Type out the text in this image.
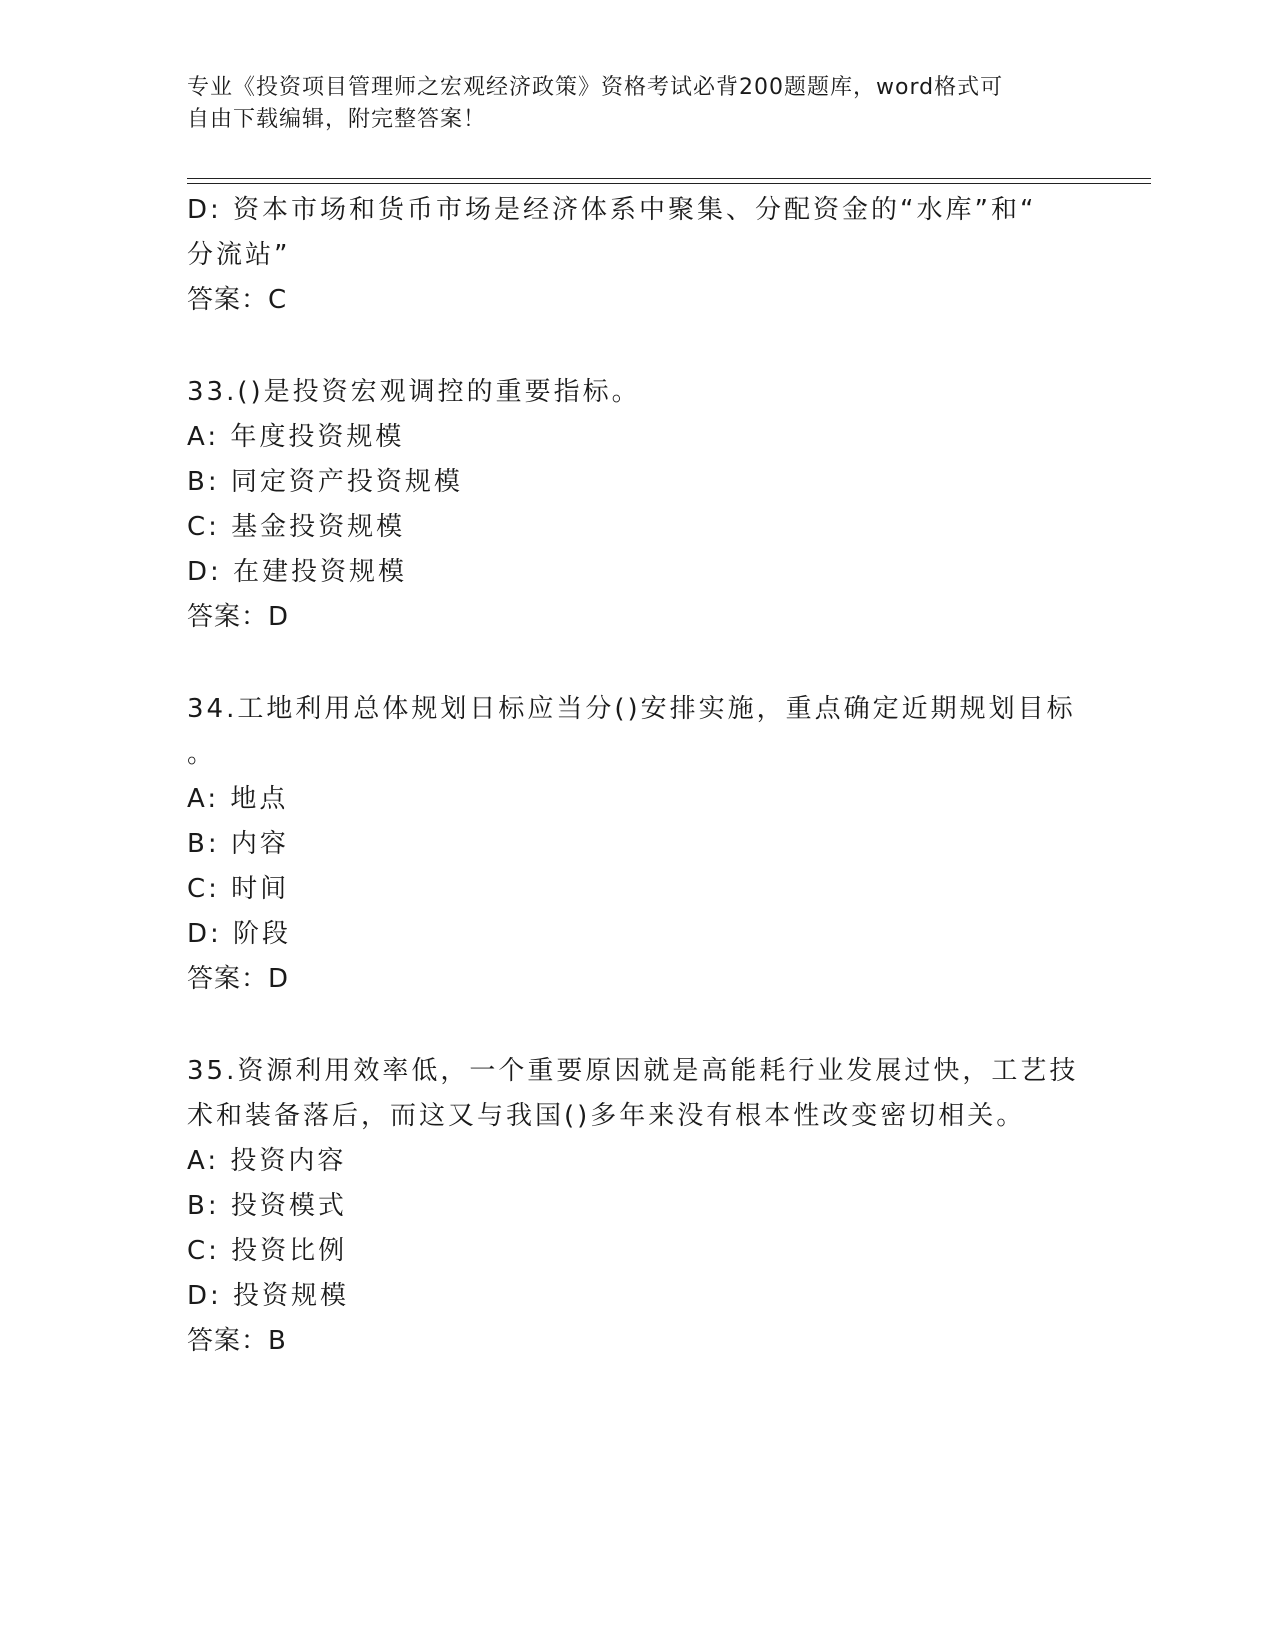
专业《投资项目管理师之宏观经济政策》资格考试必背200题题库，word格式可
自由下载编辑，附完整答案！
D: 资本市场和货币市场是经济体系中聚集、分配资金的“水库”和“
分流站”
答案：C
33.()是投资宏观调控的重要指标。
A: 年度投资规模
B: 同定资产投资规模
C: 基金投资规模
D: 在建投资规模
答案：D
34.工地利用总体规划日标应当分()安排实施，重点确定近期规划目标
。
A: 地点
B: 内容
C: 时间
D: 阶段
答案：D
35.资源利用效率低，一个重要原因就是高能耗行业发展过快，工艺技
术和装备落后，而这又与我国()多年来没有根本性改变密切相关。
A: 投资内容
B: 投资模式
C: 投资比例
D: 投资规模
答案：B
